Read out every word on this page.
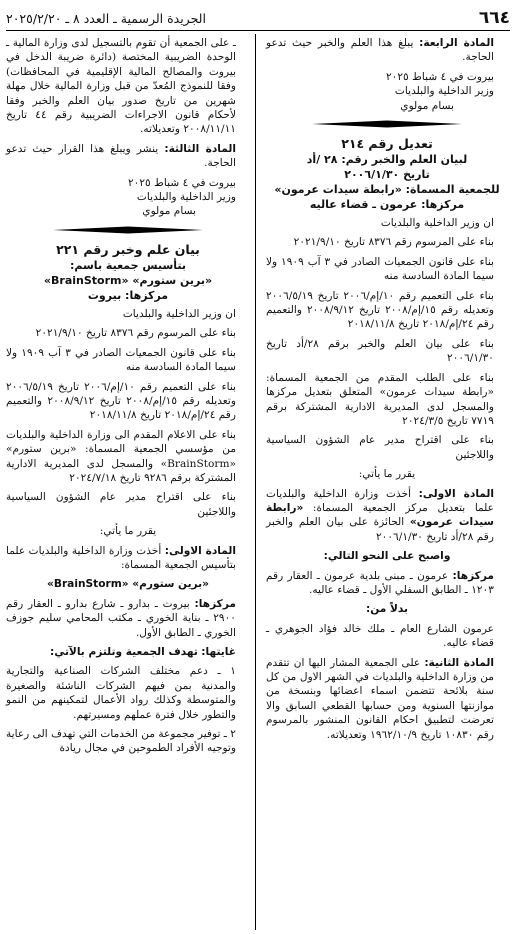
٦٦٤
الجريدة الرسمية ـ العدد ٨ ـ ٢٠٢٥/٢/٢٠

المادة الرابعة: يبلغ هذا العلم والخبر حيث تدعو الحاجة.

بيروت في ٤ شباط ٢٠٢٥
وزير الداخلية والبلديات
بسام مولوي
تعديل رقم ٢١٤
لبيان العلم والخبر رقم: ٢٨ /أد
تاريخ ٢٠٠٦/١/٣٠
للجمعية المسماة: «رابطة سيدات عرمون»
مركزها: عرمون ـ قضاء عاليه

ان وزير الداخلية والبلديات

بناء على المرسوم رقم ٨٣٧٦ تاريخ ٢٠٢١/٩/١٠

بناء على قانون الجمعيات الصادر في ٣ آب ١٩٠٩ ولا سيما المادة السادسة منه

بناء على التعميم رقم ١٠/إم/٢٠٠٦ تاريخ ٢٠٠٦/٥/١٩ وتعديله رقم ١٥/إم/٢٠٠٨ تاريخ ٢٠٠٨/٩/١٢ والتعميم رقم ٢٤/إم/٢٠١٨ تاريخ ٢٠١٨/١١/٨

بناء على بيان العلم والخبر برقم ٢٨/أد تاريخ ٢٠٠٦/١/٣٠

بناء على الطلب المقدم من الجمعية المسماة: «رابطة سيدات عرمون» المتعلق بتعديل مركزها والمسجل لدى المديرية الادارية المشتركة برقم ٧٧١٩ تاريخ ٢٠٢٤/٣/٥

بناء على اقتراح مدير عام الشؤون السياسية واللاجئين

يقرر ما يأتي:

المادة الاولى: أخذت وزارة الداخلية والبلديات علما بتعديل مركز الجمعية المسماة: «رابطة سيدات عرمون» الحائزة على بيان العلم والخبر رقم ٢٨/أد تاريخ ٢٠٠٦/١/٣٠

واصبح على النحو التالي:

مركزها: عرمون ـ مبنى بلدية عرمون ـ العقار رقم ١٢٠٣ ـ الطابق السفلي الأول ـ قضاء عاليه.

بدلاً من:

عرمون الشارع العام ـ ملك خالد فؤاد الجوهري ـ قضاء عاليه.

المادة الثانية: على الجمعية المشار اليها ان تتقدم من وزارة الداخلية والبلديات في الشهر الاول من كل سنة بلائحة تتضمن اسماء اعضائها وبنسخة من موازنتها السنوية ومن حسابها القطعي السابق والا تعرضت لتطبيق احكام القانون المنشور بالمرسوم رقم ١٠٨٣٠ تاريخ ١٩٦٢/١٠/٩ وتعديلاته.

ـ على الجمعية أن تقوم بالتسجيل لدى وزارة المالية ـ الوحدة الضريبية المختصة (دائرة ضريبة الدخل في بيروت والمصالح المالية الإقليمية في المحافظات) وفقا للنموذج المُعدّ من قبل وزارة المالية خلال مهلة شهرين من تاريخ صدور بيان العلم والخبر وفقا لأحكام قانون الاجراءات الضريبية رقم ٤٤ تاريخ ٢٠٠٨/١١/١١ وتعديلاته.

المادة الثالثة: ينشر ويبلغ هذا القرار حيث تدعو الحاجة.

بيروت في ٤ شباط ٢٠٢٥
وزير الداخلية والبلديات
بسام مولوي
بيان علم وخبر رقم ٢٢١
بتأسيس جمعية باسم:
«برين ستورم» «BrainStorm»
مركزها: بيروت

ان وزير الداخلية والبلديات

بناء على المرسوم رقم ٨٣٧٦ تاريخ ٢٠٢١/٩/١٠

بناء على قانون الجمعيات الصادر في ٣ آب ١٩٠٩ ولا سيما المادة السادسة منه

بناء على التعميم رقم ١٠/إم/٢٠٠٦ تاريخ ٢٠٠٦/٥/١٩ وتعديله رقم ١٥/إم/٢٠٠٨ تاريخ ٢٠٠٨/٩/١٢ والتعميم رقم ٢٤/إم/٢٠١٨ تاريخ ٢٠١٨/١١/٨

بناء على الاعلام المقدم الى وزارة الداخلية والبلديات من مؤسسي الجمعية المسماة: «برين ستورم» «BrainStorm» والمسجل لدى المديرية الادارية المشتركة برقم ٩٢٨٦ تاريخ ٢٠٢٤/٧/١٨

بناء على اقتراح مدير عام الشؤون السياسية واللاجئين

يقرر ما يأتي:

المادة الاولى: أخذت وزارة الداخلية والبلديات علما بتأسيس الجمعية المسماة:

«برين ستورم» «BrainStorm»

مركزها: بيروت ـ بدارو ـ شارع بدارو ـ العقار رقم ٢٩٠٠ ـ بناية الخوري ـ مكتب المحامي سليم جوزف الخوري ـ الطابق الأول.

غايتها: تهدف الجمعية وتلتزم بالآتي:

١ ـ دعم مختلف الشركات الصناعية والتجارية والمدنية بمن فيهم الشركات الناشئة والصغيرة والمتوسطة وكذلك رواد الأعمال لتمكينهم من النمو والتطور خلال فترة عملهم ومسيرتهم.

٢ ـ توفير مجموعة من الخدمات التي تهدف الى رعاية وتوجيه الأفراد الطموحين في مجال ريادة
